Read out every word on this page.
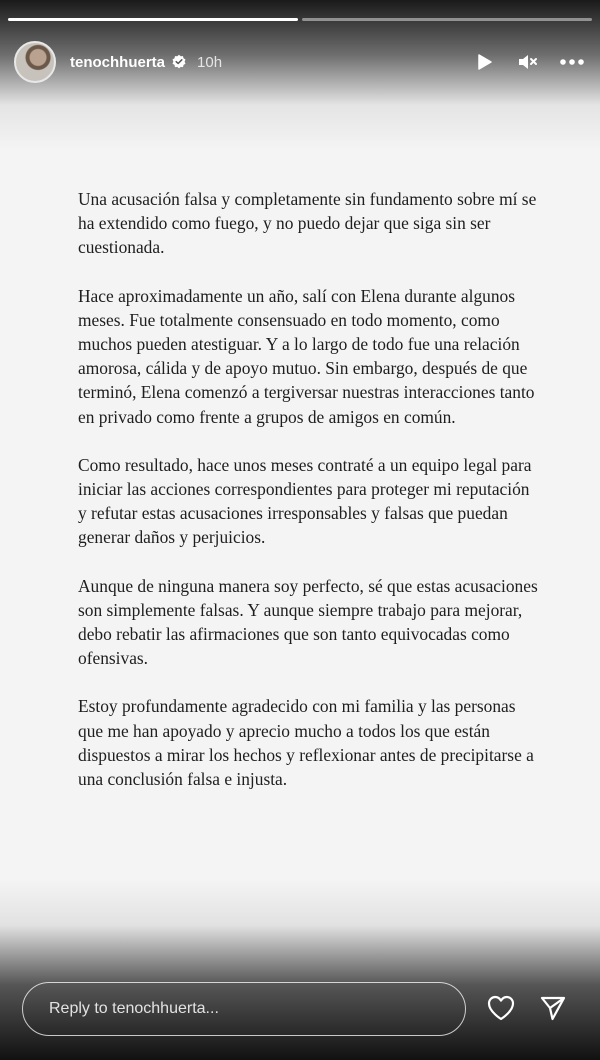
tenochhuerta 10h

Una acusación falsa y completamente sin fundamento sobre mí se ha extendido como fuego, y no puedo dejar que siga sin ser cuestionada.

Hace aproximadamente un año, salí con Elena durante algunos meses. Fue totalmente consensuado en todo momento, como muchos pueden atestiguar. Y a lo largo de todo fue una relación amorosa, cálida y de apoyo mutuo. Sin embargo, después de que terminó, Elena comenzó a tergiversar nuestras interacciones tanto en privado como frente a grupos de amigos en común.

Como resultado, hace unos meses contraté a un equipo legal para iniciar las acciones correspondientes para proteger mi reputación y refutar estas acusaciones irresponsables y falsas que puedan generar daños y perjuicios.

Aunque de ninguna manera soy perfecto, sé que estas acusaciones son simplemente falsas. Y aunque siempre trabajo para mejorar, debo rebatir las afirmaciones que son tanto equivocadas como ofensivas.

Estoy profundamente agradecido con mi familia y las personas que me han apoyado y aprecio mucho a todos los que están dispuestos a mirar los hechos y reflexionar antes de precipitarse a una conclusión falsa e injusta.

Reply to tenochhuerta...
